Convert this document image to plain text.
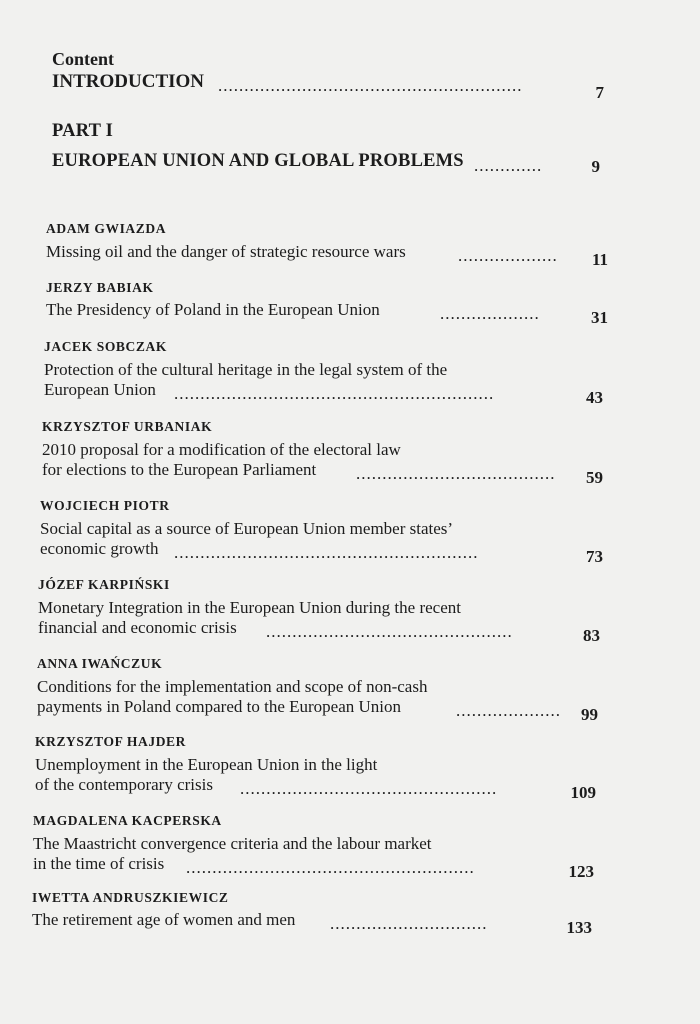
Content
INTRODUCTION ..........................................................	7
PART I
EUROPEAN UNION AND GLOBAL PROBLEMS .............	9
ADAM GWIAZDA
Missing oil and the danger of strategic resource wars	...................	11
JERZY BABIAK
The Presidency of Poland in the European Union	...................	31
JACEK SOBCZAK
Protection of the cultural heritage in the legal system of the
European Union .............................................................	43
KRZYSZTOF URBANIAK
2010 proposal for a modification of the electoral law
for elections to the European Parliament ......................................	59
WOJCIECH PIOTR
Social capital as a source of European Union member states’
economic growth ..........................................................	73
JÓZEF KARPIŃSKI
Monetary Integration in the European Union during the recent
financial and economic crisis ...............................................	83
ANNA IWAŃCZUK
Conditions for the implementation and scope of non-cash
payments in Poland compared to the European Union	....................	99
KRZYSZTOF HAJDER
Unemployment in the European Union in the light
of the contemporary crisis .................................................	109
MAGDALENA KACPERSKA
The Maastricht convergence criteria and the labour market
in the time of crisis .......................................................	123
IWETTA ANDRUSZKIEWICZ
The retirement age of women and men ..............................	133
